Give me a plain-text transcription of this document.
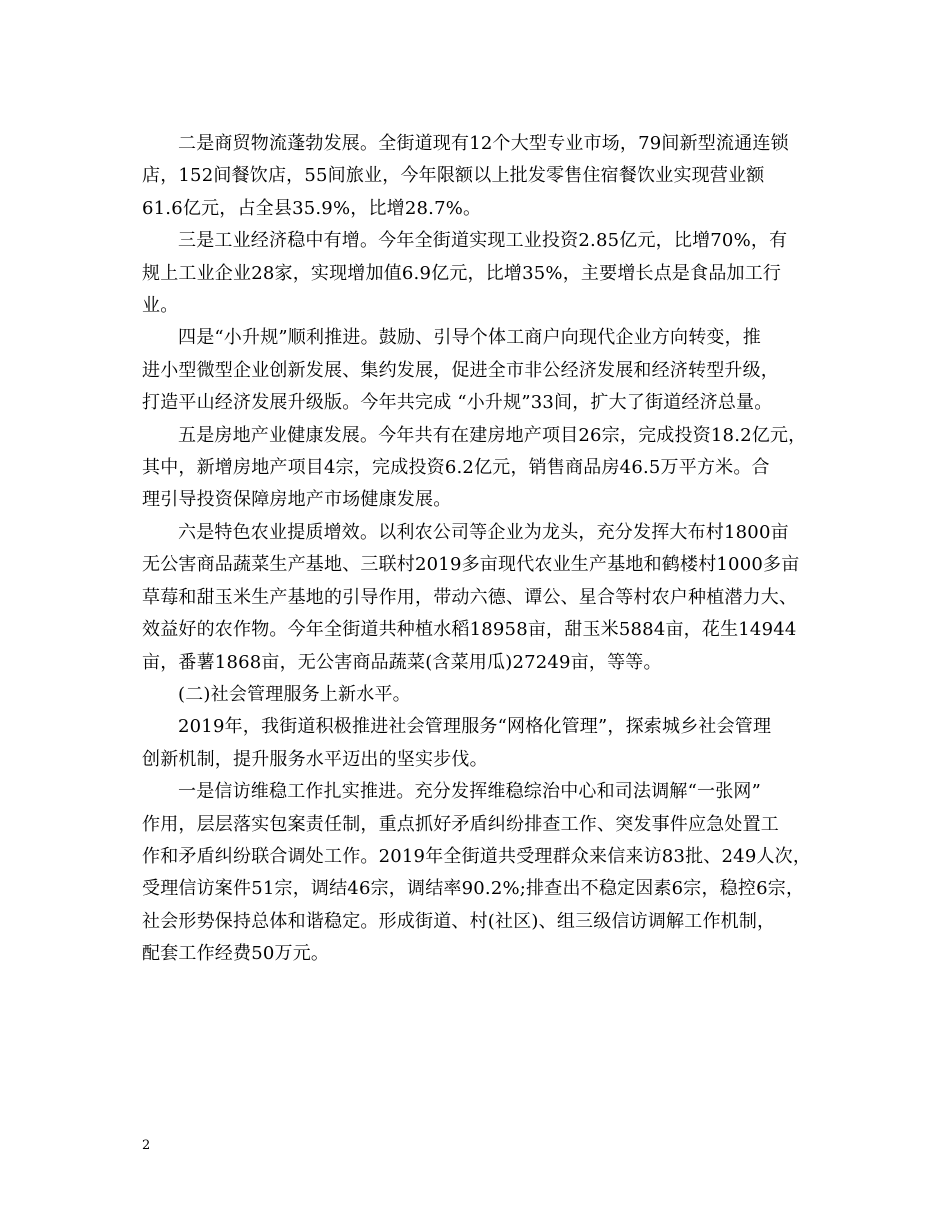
二是商贸物流蓬勃发展。全街道现有12个大型专业市场，79间新型流通连锁
店，152间餐饮店，55间旅业，今年限额以上批发零售住宿餐饮业实现营业额
61.6亿元，占全县35.9%，比增28.7%。

三是工业经济稳中有增。今年全街道实现工业投资2.85亿元，比增70%，有
规上工业企业28家，实现增加值6.9亿元，比增35%，主要增长点是食品加工行
业。

四是“小升规”顺利推进。鼓励、引导个体工商户向现代企业方向转变，推
进小型微型企业创新发展、集约发展，促进全市非公经济发展和经济转型升级，
打造平山经济发展升级版。今年共完成 “小升规”33间，扩大了街道经济总量。

五是房地产业健康发展。今年共有在建房地产项目26宗，完成投资18.2亿元，
其中，新增房地产项目4宗，完成投资6.2亿元，销售商品房46.5万平方米。合
理引导投资保障房地产市场健康发展。

六是特色农业提质增效。以利农公司等企业为龙头，充分发挥大布村1800亩
无公害商品蔬菜生产基地、三联村2019多亩现代农业生产基地和鹤楼村1000多亩
草莓和甜玉米生产基地的引导作用，带动六德、谭公、星合等村农户种植潜力大、
效益好的农作物。今年全街道共种植水稻18958亩，甜玉米5884亩，花生14944
亩，番薯1868亩，无公害商品蔬菜(含菜用瓜)27249亩，等等。

(二)社会管理服务上新水平。

2019年，我街道积极推进社会管理服务“网格化管理”，探索城乡社会管理
创新机制，提升服务水平迈出的坚实步伐。

一是信访维稳工作扎实推进。充分发挥维稳综治中心和司法调解“一张网”
作用，层层落实包案责任制，重点抓好矛盾纠纷排查工作、突发事件应急处置工
作和矛盾纠纷联合调处工作。2019年全街道共受理群众来信来访83批、249人次，
受理信访案件51宗，调结46宗，调结率90.2%;排查出不稳定因素6宗，稳控6宗，
社会形势保持总体和谐稳定。形成街道、村(社区)、组三级信访调解工作机制，
配套工作经费50万元。

2
